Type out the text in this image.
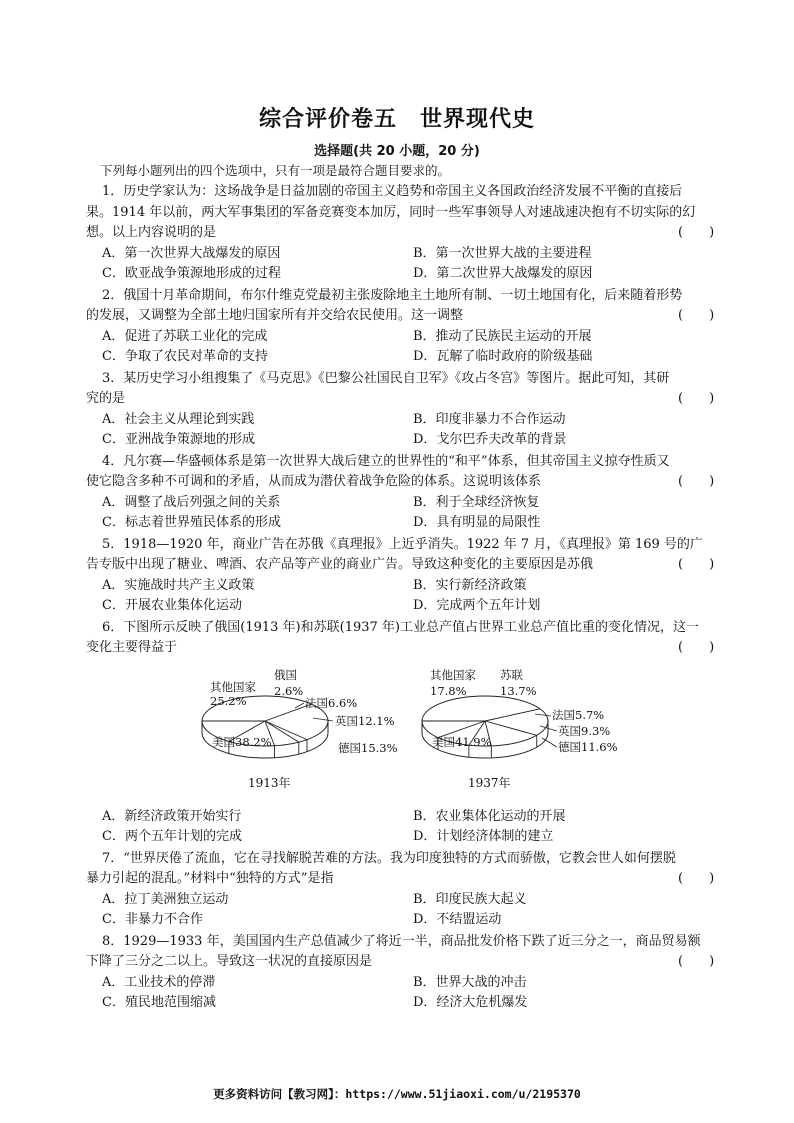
综合评价卷五　世界现代史
选择题(共 20 小题，20 分)
下列每小题列出的四个选项中，只有一项是最符合题目要求的。
1．历史学家认为：这场战争是日益加剧的帝国主义趋势和帝国主义各国政治经济发展不平衡的直接后
果。1914 年以前，两大军事集团的军备竞赛变本加厉，同时一些军事领导人对速战速决抱有不切实际的幻
想。以上内容说明的是	(　　)
A．第一次世界大战爆发的原因	B．第一次世界大战的主要进程
C．欧亚战争策源地形成的过程	D．第二次世界大战爆发的原因
2．俄国十月革命期间，布尔什维克党最初主张废除地主土地所有制、一切土地国有化，后来随着形势
的发展，又调整为全部土地归国家所有并交给农民使用。这一调整	(　　)
A．促进了苏联工业化的完成	B．推动了民族民主运动的开展
C．争取了农民对革命的支持	D．瓦解了临时政府的阶级基础
3．某历史学习小组搜集了《马克思》《巴黎公社国民自卫军》《攻占冬宫》等图片。据此可知，其研
究的是	(　　)
A．社会主义从理论到实践	B．印度非暴力不合作运动
C．亚洲战争策源地的形成	D．戈尔巴乔夫改革的背景
4．凡尔赛—华盛顿体系是第一次世界大战后建立的世界性的“和平”体系，但其帝国主义掠夺性质又
使它隐含多种不可调和的矛盾，从而成为潜伏着战争危险的体系。这说明该体系	(　　)
A．调整了战后列强之间的关系	B．利于全球经济恢复
C．标志着世界殖民体系的形成	D．具有明显的局限性
5．1918—1920 年，商业广告在苏俄《真理报》上近乎消失。1922 年 7 月，《真理报》第 169 号的广
告专版中出现了糖业、啤酒、农产品等产业的商业广告。导致这种变化的主要原因是苏俄	(　　)
A．实施战时共产主义政策	B．实行新经济政策
C．开展农业集体化运动	D．完成两个五年计划
6．下图所示反映了俄国(1913 年)和苏联(1937 年)工业总产值占世界工业总产值比重的变化情况，这一
变化主要得益于	(　　)
其他国家
25.2%
俄国
2.6%
法国6.6%
英国12.1%
德国15.3%
美国38.2%
1913年
其他国家
17.8%
苏联
13.7%
法国5.7%
英国9.3%
德国11.6%
美国41.9%
1937年
A．新经济政策开始实行	B．农业集体化运动的开展
C．两个五年计划的完成	D．计划经济体制的建立
7．“世界厌倦了流血，它在寻找解脱苦难的方法。我为印度独特的方式而骄傲，它教会世人如何摆脱
暴力引起的混乱。”材料中“独特的方式”是指	(　　)
A．拉丁美洲独立运动	B．印度民族大起义
C．非暴力不合作	D．不结盟运动
8．1929—1933 年，美国国内生产总值减少了将近一半，商品批发价格下跌了近三分之一，商品贸易额
下降了三分之二以上。导致这一状况的直接原因是	(　　)
A．工业技术的停滞	B．世界大战的冲击
C．殖民地范围缩减	D．经济大危机爆发
更多资料访问【教习网】：https://www.51jiaoxi.com/u/2195370
